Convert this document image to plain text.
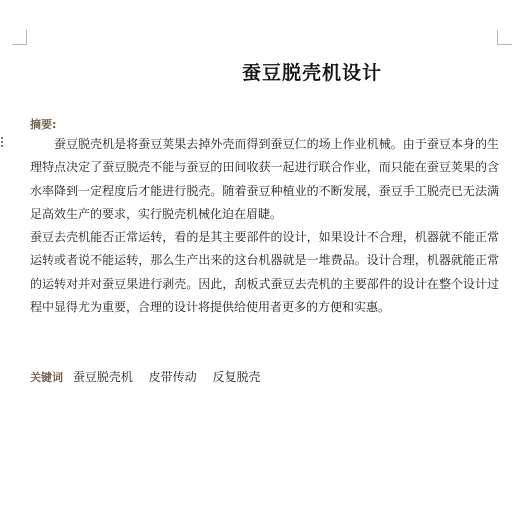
蚕豆脱壳机设计
摘要:

蚕豆脱壳机是将蚕豆荚果去掉外壳而得到蚕豆仁的场上作业机械。由于蚕豆本身的生理特点决定了蚕豆脱壳不能与蚕豆的田间收获一起进行联合作业，而只能在蚕豆荚果的含水率降到一定程度后才能进行脱壳。随着蚕豆种植业的不断发展，蚕豆手工脱壳已无法满足高效生产的要求，实行脱壳机械化迫在眉睫。

蚕豆去壳机能否正常运转，看的是其主要部件的设计，如果设计不合理，机器就不能正常运转或者说不能运转，那么生产出来的这台机器就是一堆费品。设计合理，机器就能正常的运转对并对蚕豆果进行剥壳。因此，刮板式蚕豆去壳机的主要部件的设计在整个设计过程中显得尤为重要，合理的设计将提供给使用者更多的方便和实惠。

关键词 蚕豆脱壳机 皮带传动 反复脱壳
